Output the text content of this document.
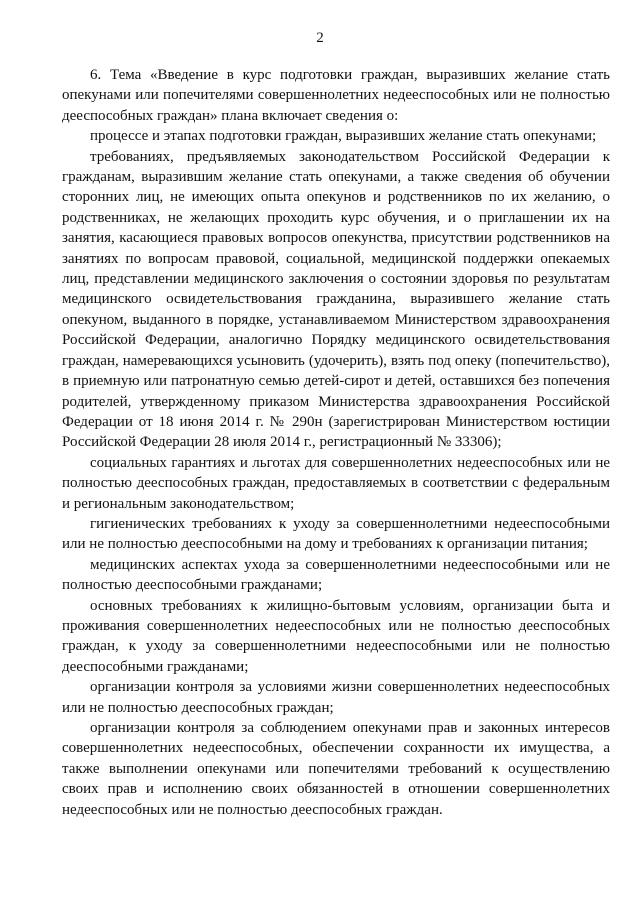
2

6. Тема «Введение в курс подготовки граждан, выразивших желание стать опекунами или попечителями совершеннолетних недееспособных или не полностью дееспособных граждан» плана включает сведения о:

процессе и этапах подготовки граждан, выразивших желание стать опекунами;

требованиях, предъявляемых законодательством Российской Федерации к гражданам, выразившим желание стать опекунами, а также сведения об обучении сторонних лиц, не имеющих опыта опекунов и родственников по их желанию, о родственниках, не желающих проходить курс обучения, и о приглашении их на занятия, касающиеся правовых вопросов опекунства, присутствии родственников на занятиях по вопросам правовой, социальной, медицинской поддержки опекаемых лиц, представлении медицинского заключения о состоянии здоровья по результатам медицинского освидетельствования гражданина, выразившего желание стать опекуном, выданного в порядке, устанавливаемом Министерством здравоохранения Российской Федерации, аналогично Порядку медицинского освидетельствования граждан, намеревающихся усыновить (удочерить), взять под опеку (попечительство), в приемную или патронатную семью детей-сирот и детей, оставшихся без попечения родителей, утвержденному приказом Министерства здравоохранения Российской Федерации от 18 июня 2014 г. № 290н (зарегистрирован Министерством юстиции Российской Федерации 28 июля 2014 г., регистрационный № 33306);

социальных гарантиях и льготах для совершеннолетних недееспособных или не полностью дееспособных граждан, предоставляемых в соответствии с федеральным и региональным законодательством;

гигиенических требованиях к уходу за совершеннолетними недееспособными или не полностью дееспособными на дому и требованиях к организации питания;

медицинских аспектах ухода за совершеннолетними недееспособными или не полностью дееспособными гражданами;

основных требованиях к жилищно-бытовым условиям, организации быта и проживания совершеннолетних недееспособных или не полностью дееспособных граждан, к уходу за совершеннолетними недееспособными или не полностью дееспособными гражданами;

организации контроля за условиями жизни совершеннолетних недееспособных или не полностью дееспособных граждан;

организации контроля за соблюдением опекунами прав и законных интересов совершеннолетних недееспособных, обеспечении сохранности их имущества, а также выполнении опекунами или попечителями требований к осуществлению своих прав и исполнению своих обязанностей в отношении совершеннолетних недееспособных или не полностью дееспособных граждан.
